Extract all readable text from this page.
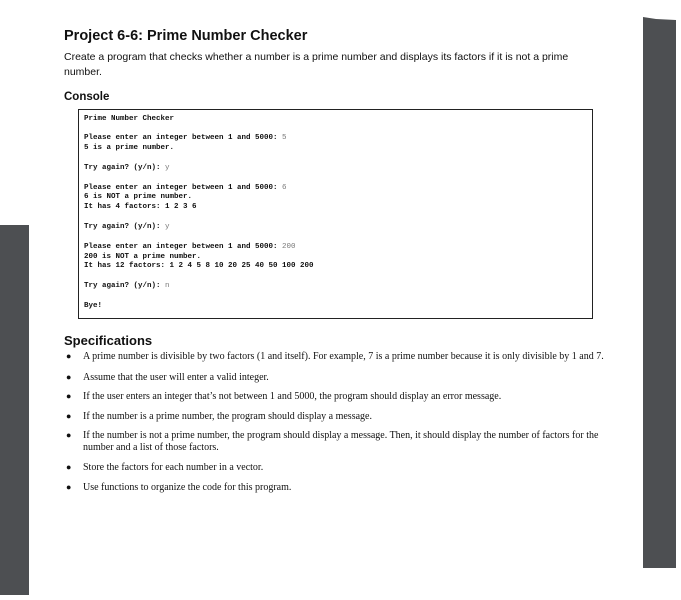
Project 6-6: Prime Number Checker
Create a program that checks whether a number is a prime number and displays its factors if it is not a prime number.
Console
Prime Number Checker
Please enter an integer between 1 and 5000: 5
5 is a prime number.
Try again? (y/n): y
Please enter an integer between 1 and 5000: 6
6 is NOT a prime number.
It has 4 factors: 1 2 3 6
Try again? (y/n): y
Please enter an integer between 1 and 5000: 200
200 is NOT a prime number.
It has 12 factors: 1 2 4 5 8 10 20 25 40 50 100 200
Try again? (y/n): n
Bye!
Specifications
● A prime number is divisible by two factors (1 and itself). For example, 7 is a prime number because it is only divisible by 1 and 7.
● Assume that the user will enter a valid integer.
● If the user enters an integer that’s not between 1 and 5000, the program should display an error message.
● If the number is a prime number, the program should display a message.
● If the number is not a prime number, the program should display a message. Then, it should display the number of factors for the number and a list of those factors.
● Store the factors for each number in a vector.
● Use functions to organize the code for this program.
